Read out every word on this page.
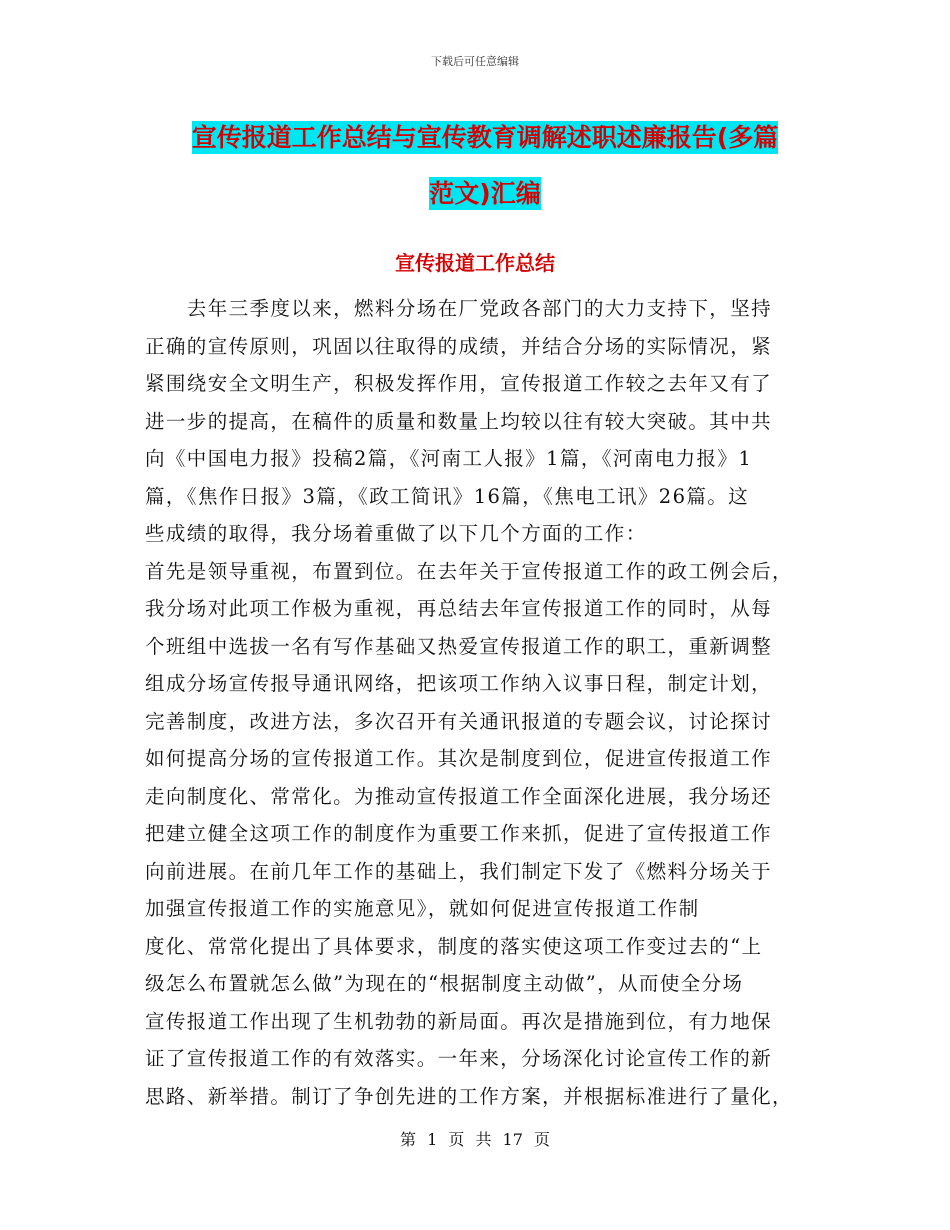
下载后可任意编辑
宣传报道工作总结与宣传教育调解述职述廉报告(多篇
范文)汇编
宣传报道工作总结
　　去年三季度以来，燃料分场在厂党政各部门的大力支持下，坚持
正确的宣传原则，巩固以往取得的成绩，并结合分场的实际情况，紧
紧围绕安全文明生产，积极发挥作用，宣传报道工作较之去年又有了
进一步的提高，在稿件的质量和数量上均较以往有较大突破。其中共
向《中国电力报》投稿2篇，《河南工人报》1篇，《河南电力报》1
篇，《焦作日报》3篇，《政工简讯》16篇，《焦电工讯》26篇。这
些成绩的取得，我分场着重做了以下几个方面的工作：
首先是领导重视，布置到位。在去年关于宣传报道工作的政工例会后，
我分场对此项工作极为重视，再总结去年宣传报道工作的同时，从每
个班组中选拔一名有写作基础又热爱宣传报道工作的职工，重新调整
组成分场宣传报导通讯网络，把该项工作纳入议事日程，制定计划，
完善制度，改进方法，多次召开有关通讯报道的专题会议，讨论探讨
如何提高分场的宣传报道工作。其次是制度到位，促进宣传报道工作
走向制度化、常常化。为推动宣传报道工作全面深化进展，我分场还
把建立健全这项工作的制度作为重要工作来抓，促进了宣传报道工作
向前进展。在前几年工作的基础上，我们制定下发了《燃料分场关于
加强宣传报道工作的实施意见》，就如何促进宣传报道工作制
度化、常常化提出了具体要求，制度的落实使这项工作变过去的“上
级怎么布置就怎么做”为现在的“根据制度主动做”，从而使全分场
宣传报道工作出现了生机勃勃的新局面。再次是措施到位，有力地保
证了宣传报道工作的有效落实。一年来，分场深化讨论宣传工作的新
思路、新举措。制订了争创先进的工作方案，并根据标准进行了量化，
第 1 页 共 17 页
